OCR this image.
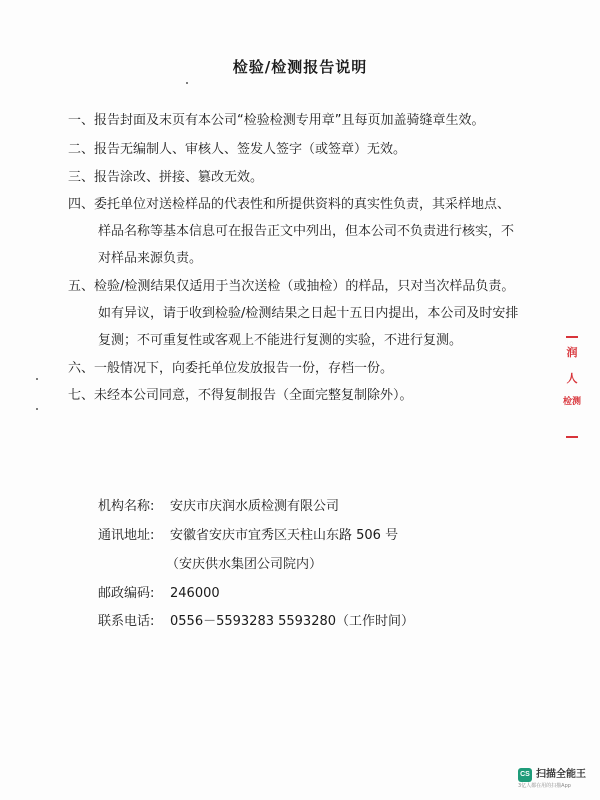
检验/检测报告说明
一、报告封面及末页有本公司“检验检测专用章”且每页加盖骑缝章生效。
二、报告无编制人、审核人、签发人签字（或签章）无效。
三、报告涂改、拼接、篡改无效。
四、委托单位对送检样品的代表性和所提供资料的真实性负责，其采样地点、
样品名称等基本信息可在报告正文中列出，但本公司不负责进行核实，不
对样品来源负责。
五、检验/检测结果仅适用于当次送检（或抽检）的样品，只对当次样品负责。
如有异议，请于收到检验/检测结果之日起十五日内提出，本公司及时安排
复测；不可重复性或客观上不能进行复测的实验，不进行复测。
六、一般情况下，向委托单位发放报告一份，存档一份。
七、未经本公司同意，不得复制报告（全面完整复制除外）。
机构名称: 安庆市庆润水质检测有限公司
通讯地址: 安徽省安庆市宜秀区天柱山东路 506 号
（安庆供水集团公司院内）
邮政编码: 246000
联系电话: 0556－5593283 5593280（工作时间）
润
人
检测
CS 扫描全能王
3亿人都在用的扫描App
